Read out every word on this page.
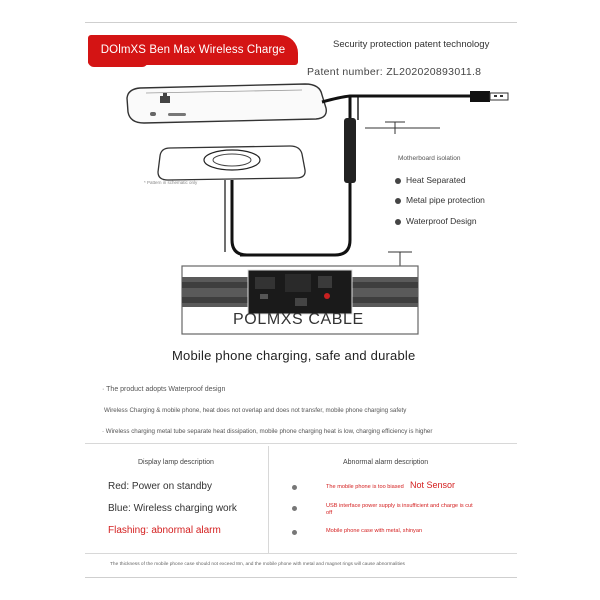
DOlmXS Ben Max Wireless Charge	Security protection patent technology
Patent number: ZL202020893011.8
* Pattern in schematic only
Motherboard isolation
Heat Separated
Metal pipe protection
Waterproof Design
POLMXS CABLE
Mobile phone charging, safe and durable
· The product adopts Waterproof design
Wireless Charging & mobile phone, heat does not overlap and does not transfer, mobile phone charging safety
· Wireless charging metal tube separate heat dissipation, mobile phone charging heat is low, charging efficiency is higher
Display lamp description
Red: Power on standby
Blue: Wireless charging work
Flashing: abnormal alarm
Abnormal alarm description
The mobile phone is too biased Not Sensor
USB interface power supply is insufficient and charge is cut off
Mobile phone case with metal, shinyan
The thickness of the mobile phone case should not exceed 8m, and the mobile phone with metal and magnet rings will cause abnormalities
